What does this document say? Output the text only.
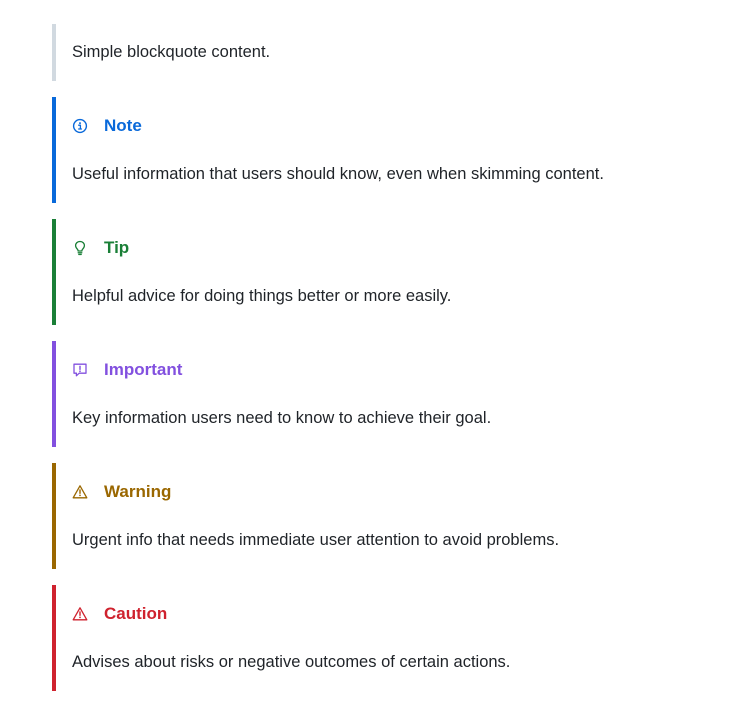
Simple blockquote content.
Note
Useful information that users should know, even when skimming content.
Tip
Helpful advice for doing things better or more easily.
Important
Key information users need to know to achieve their goal.
Warning
Urgent info that needs immediate user attention to avoid problems.
Caution
Advises about risks or negative outcomes of certain actions.
